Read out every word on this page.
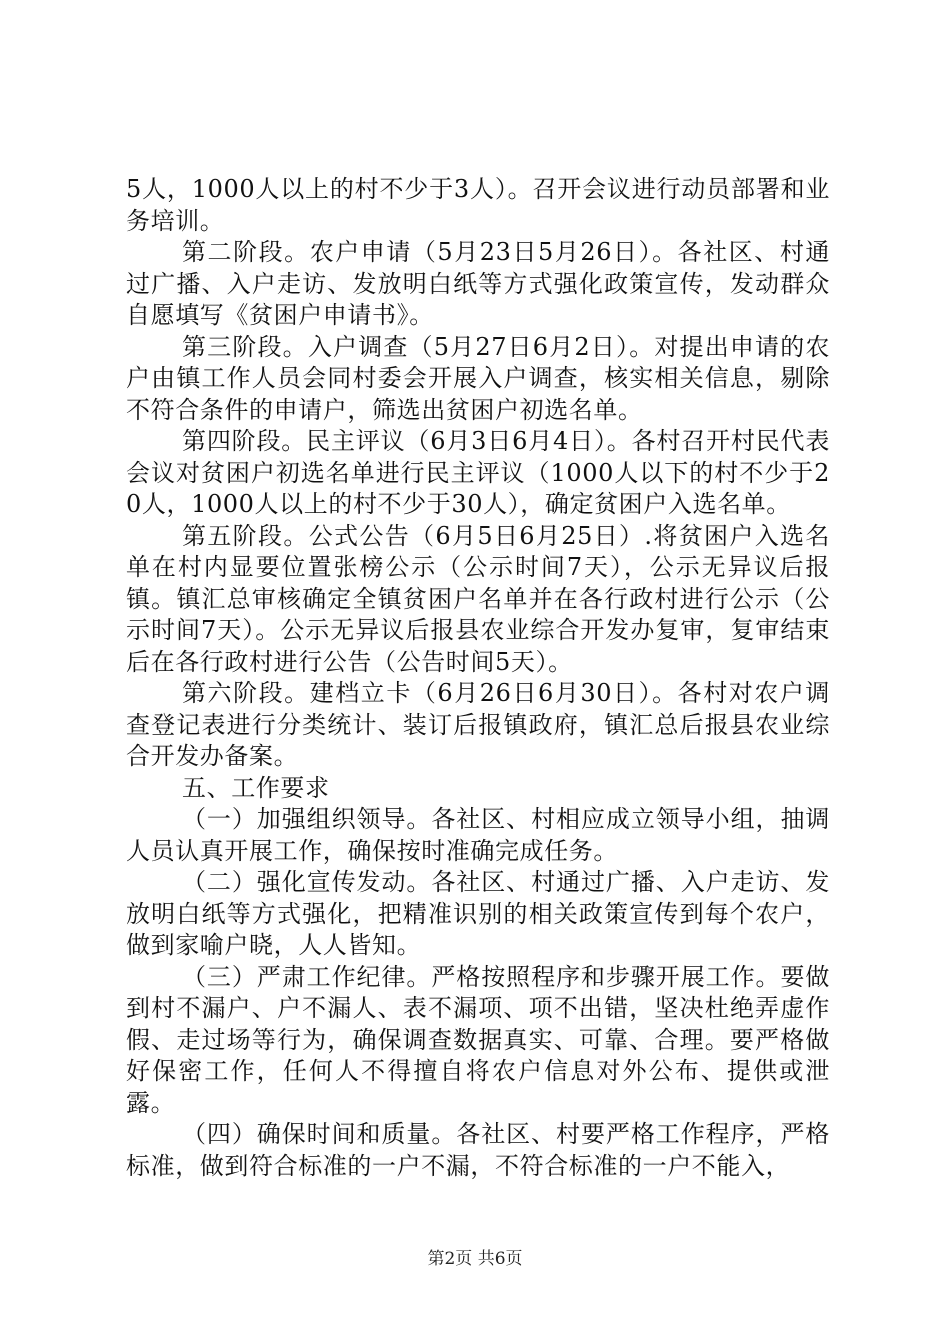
5人，1000人以上的村不少于3人）。召开会议进行动员部署和业务培训。

第二阶段。农户申请（5月23日5月26日）。各社区、村通过广播、入户走访、发放明白纸等方式强化政策宣传，发动群众自愿填写《贫困户申请书》。

第三阶段。入户调查（5月27日6月2日）。对提出申请的农户由镇工作人员会同村委会开展入户调查，核实相关信息，剔除不符合条件的申请户，筛选出贫困户初选名单。

第四阶段。民主评议（6月3日6月4日）。各村召开村民代表会议对贫困户初选名单进行民主评议（1000人以下的村不少于20人，1000人以上的村不少于30人），确定贫困户入选名单。

第五阶段。公式公告（6月5日6月25日）.将贫困户入选名单在村内显要位置张榜公示（公示时间7天），公示无异议后报镇。镇汇总审核确定全镇贫困户名单并在各行政村进行公示（公示时间7天）。公示无异议后报县农业综合开发办复审，复审结束后在各行政村进行公告（公告时间5天）。

第六阶段。建档立卡（6月26日6月30日）。各村对农户调查登记表进行分类统计、装订后报镇政府，镇汇总后报县农业综合开发办备案。

五、工作要求

（一）加强组织领导。各社区、村相应成立领导小组，抽调人员认真开展工作，确保按时准确完成任务。

（二）强化宣传发动。各社区、村通过广播、入户走访、发放明白纸等方式强化，把精准识别的相关政策宣传到每个农户，做到家喻户晓，人人皆知。

（三）严肃工作纪律。严格按照程序和步骤开展工作。要做到村不漏户、户不漏人、表不漏项、项不出错，坚决杜绝弄虚作假、走过场等行为，确保调查数据真实、可靠、合理。要严格做好保密工作，任何人不得擅自将农户信息对外公布、提供或泄露。

（四）确保时间和质量。各社区、村要严格工作程序，严格标准，做到符合标准的一户不漏，不符合标准的一户不能入，

第2页 共6页
